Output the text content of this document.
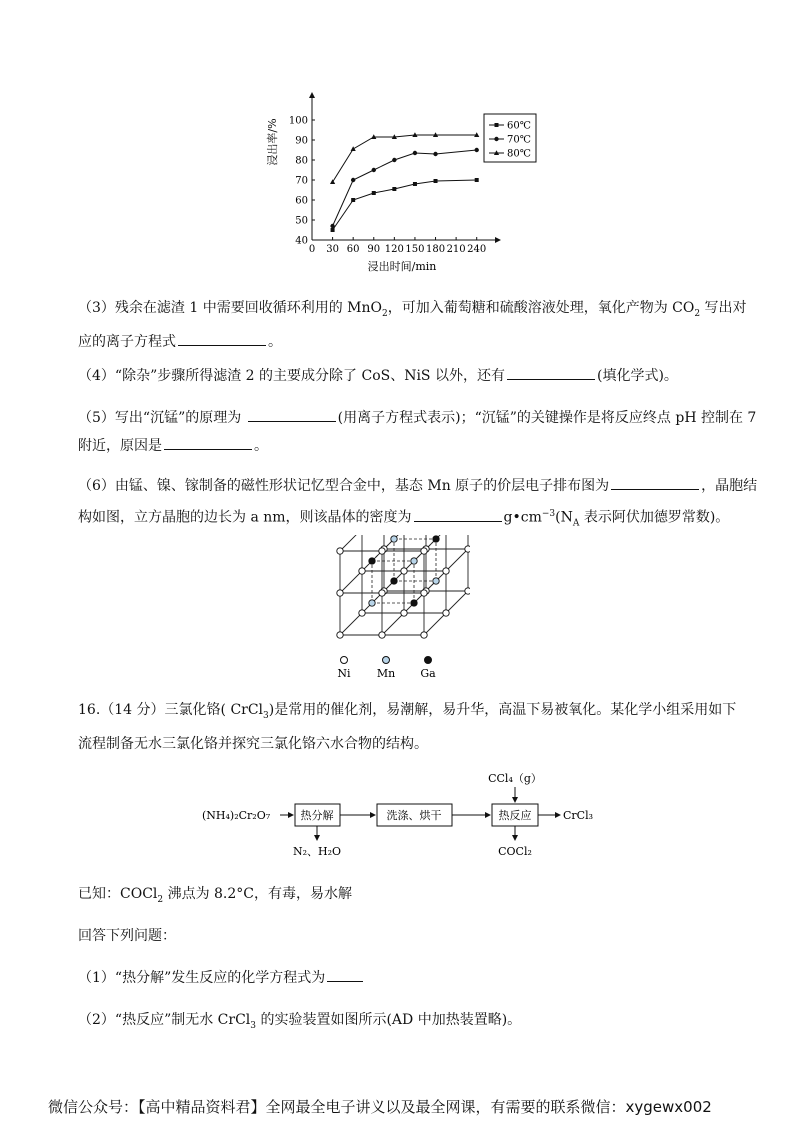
浸出率/%
浸出时间/min
0 30 60 90 120 150 180 210 240
40
50
60
70
80
90
100	60℃
70℃
80℃
（3）残余在滤渣 1 中需要回收循环利用的 MnO$_2$，可加入葡萄糖和硫酸溶液处理，氧化产物为 $CO_2$ 写出对
应的离子方程式	。
（4）“除杂”步骤所得滤渣 2 的主要成分除了 CoS、NiS 以外，还有	(填化学式)。
（5）写出“沉锰”的原理为	(用离子方程式表示)；“沉锰”的关键操作是将反应终点 pH 控制在 7
附近，原因是	。
（6）由锰、镍、镓制备的磁性形状记忆型合金中，基态 Mn 原子的价层电子排布图为	，晶胞结
构如图，立方晶胞的边长为 a nm，则该晶体的密度为	$g•cm^{-3}(N_A$ 表示阿伏加德罗常数)。
Ni Mn Ga
16.（14 分）三氯化铬( CrCl$_3$)是常用的催化剂，易潮解，易升华，高温下易被氧化。某化学小组采用如下
流程制备无水三氯化铬并探究三氯化铬六水合物的结构。
(NH₄)₂Cr₂O₇	热分解	洗涤、烘干	热反应	CrCl₃
CCl₄（g）
N₂、H₂O	COCl₂
已知：COCl$_2$ 沸点为 8.2°C，有毒，易水解
回答下列问题：
（1）“热分解”发生反应的化学方程式为
（2）“热反应”制无水 CrCl$_3$ 的实验装置如图所示(AD 中加热装置略)。
微信公众号：【高中精品资料君】全网最全电子讲义以及最全网课，有需要的联系微信：xygewx002
